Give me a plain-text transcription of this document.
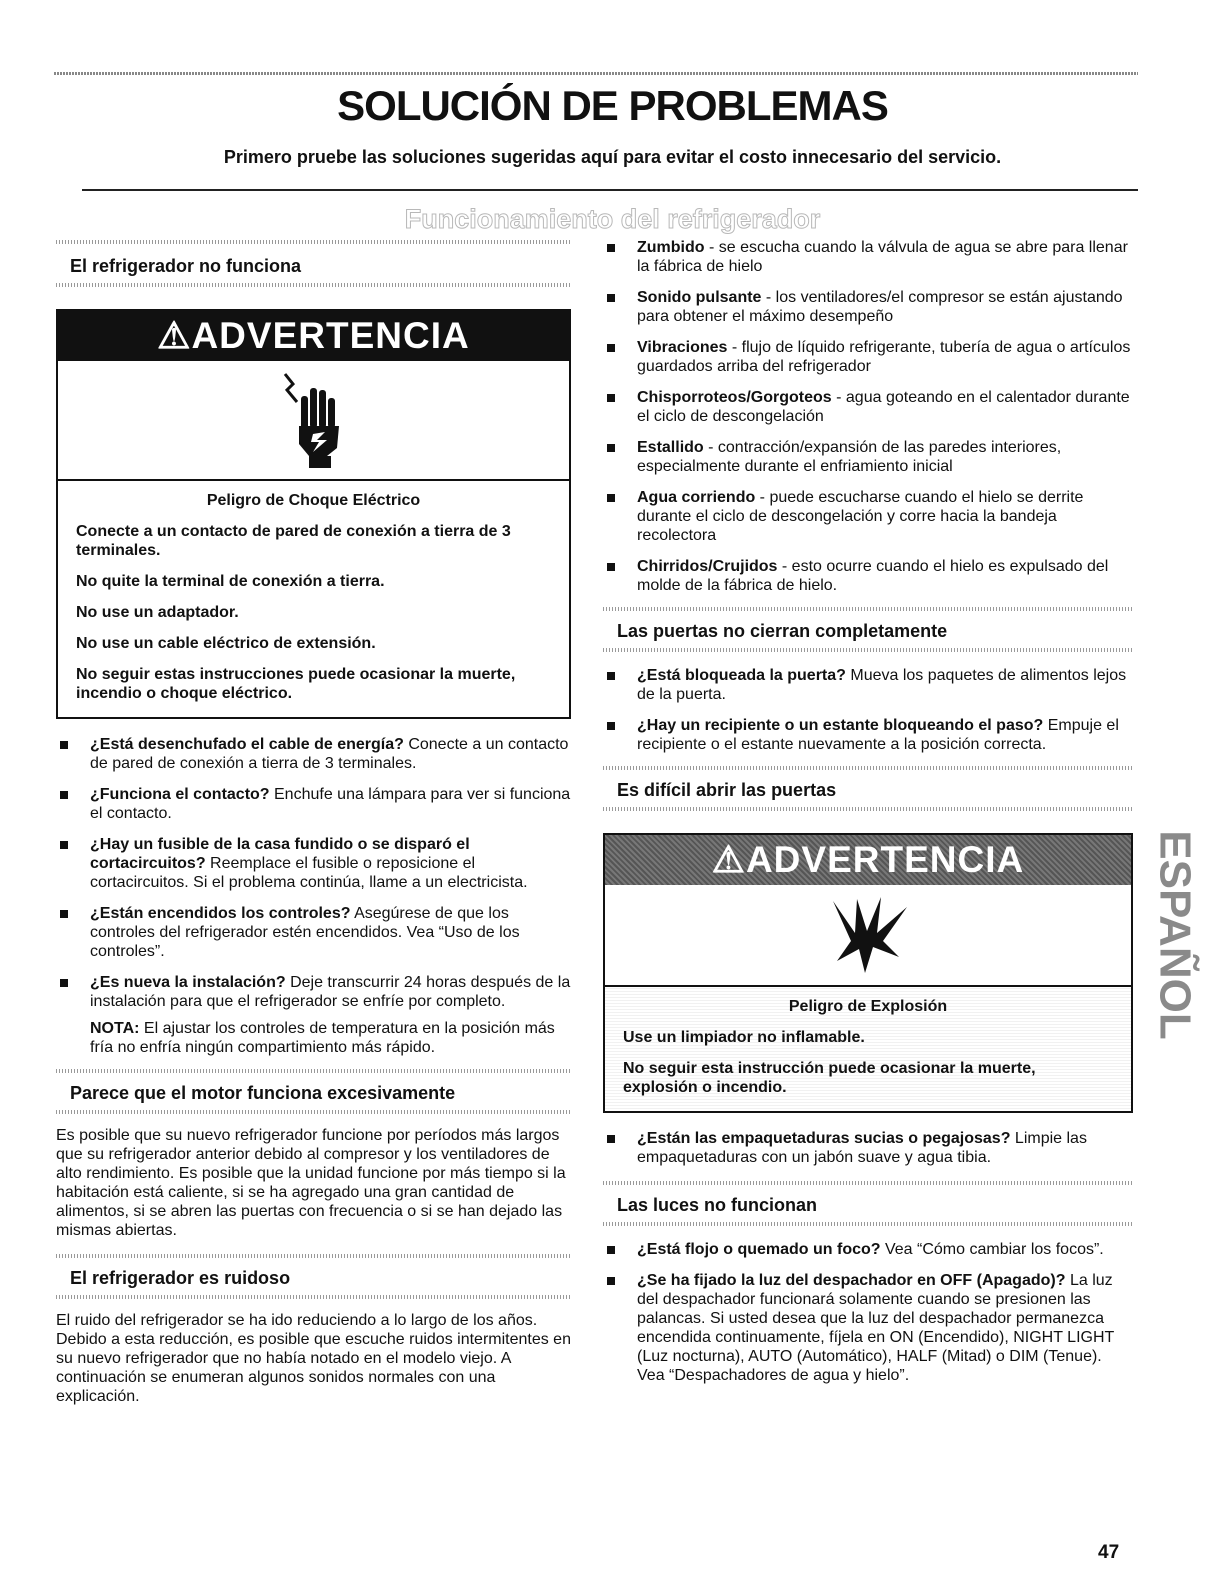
SOLUCIÓN DE PROBLEMAS

Primero pruebe las soluciones sugeridas aquí para evitar el costo innecesario del servicio.

Funcionamiento del refrigerador
El refrigerador no funciona
⚠ADVERTENCIA

Peligro de Choque Eléctrico

Conecte a un contacto de pared de conexión a tierra de 3 terminales.

No quite la terminal de conexión a tierra.

No use un adaptador.

No use un cable eléctrico de extensión.

No seguir estas instrucciones puede ocasionar la muerte, incendio o choque eléctrico.

¿Está desenchufado el cable de energía? Conecte a un contacto de pared de conexión a tierra de 3 terminales.
¿Funciona el contacto? Enchufe una lámpara para ver si funciona el contacto.
¿Hay un fusible de la casa fundido o se disparó el cortacircuitos? Reemplace el fusible o reposicione el cortacircuitos. Si el problema continúa, llame a un electricista.
¿Están encendidos los controles? Asegúrese de que los controles del refrigerador estén encendidos. Vea “Uso de los controles”.
¿Es nueva la instalación? Deje transcurrir 24 horas después de la instalación para que el refrigerador se enfríe por completo.

NOTA: El ajustar los controles de temperatura en la posición más fría no enfría ningún compartimiento más rápido.

Parece que el motor funciona excesivamente

Es posible que su nuevo refrigerador funcione por períodos más largos que su refrigerador anterior debido al compresor y los ventiladores de alto rendimiento. Es posible que la unidad funcione por más tiempo si la habitación está caliente, si se ha agregado una gran cantidad de alimentos, si se abren las puertas con frecuencia o si se han dejado las mismas abiertas.

El refrigerador es ruidoso

El ruido del refrigerador se ha ido reduciendo a lo largo de los años. Debido a esta reducción, es posible que escuche ruidos intermitentes en su nuevo refrigerador que no había notado en el modelo viejo. A continuación se enumeran algunos sonidos normales con una explicación.

Zumbido - se escucha cuando la válvula de agua se abre para llenar la fábrica de hielo
Sonido pulsante - los ventiladores/el compresor se están ajustando para obtener el máximo desempeño
Vibraciones - flujo de líquido refrigerante, tubería de agua o artículos guardados arriba del refrigerador
Chisporroteos/Gorgoteos - agua goteando en el calentador durante el ciclo de descongelación
Estallido - contracción/expansión de las paredes interiores, especialmente durante el enfriamiento inicial
Agua corriendo - puede escucharse cuando el hielo se derrite durante el ciclo de descongelación y corre hacia la bandeja recolectora
Chirridos/Crujidos - esto ocurre cuando el hielo es expulsado del molde de la fábrica de hielo.
Las puertas no cierran completamente
¿Está bloqueada la puerta? Mueva los paquetes de alimentos lejos de la puerta.
¿Hay un recipiente o un estante bloqueando el paso? Empuje el recipiente o el estante nuevamente a la posición correcta.
Es difícil abrir las puertas
⚠ADVERTENCIA

Peligro de Explosión

Use un limpiador no inflamable.

No seguir esta instrucción puede ocasionar la muerte, explosión o incendio.

¿Están las empaquetaduras sucias o pegajosas? Limpie las empaquetaduras con un jabón suave y agua tibia.
Las luces no funcionan
¿Está flojo o quemado un foco? Vea “Cómo cambiar los focos”.
¿Se ha fijado la luz del despachador en OFF (Apagado)? La luz del despachador funcionará solamente cuando se presionen las palancas. Si usted desea que la luz del despachador permanezca encendida continuamente, fíjela en ON (Encendido), NIGHT LIGHT (Luz nocturna), AUTO (Automático), HALF (Mitad) o DIM (Tenue). Vea “Despachadores de agua y hielo”.
ESPAÑOL
47
